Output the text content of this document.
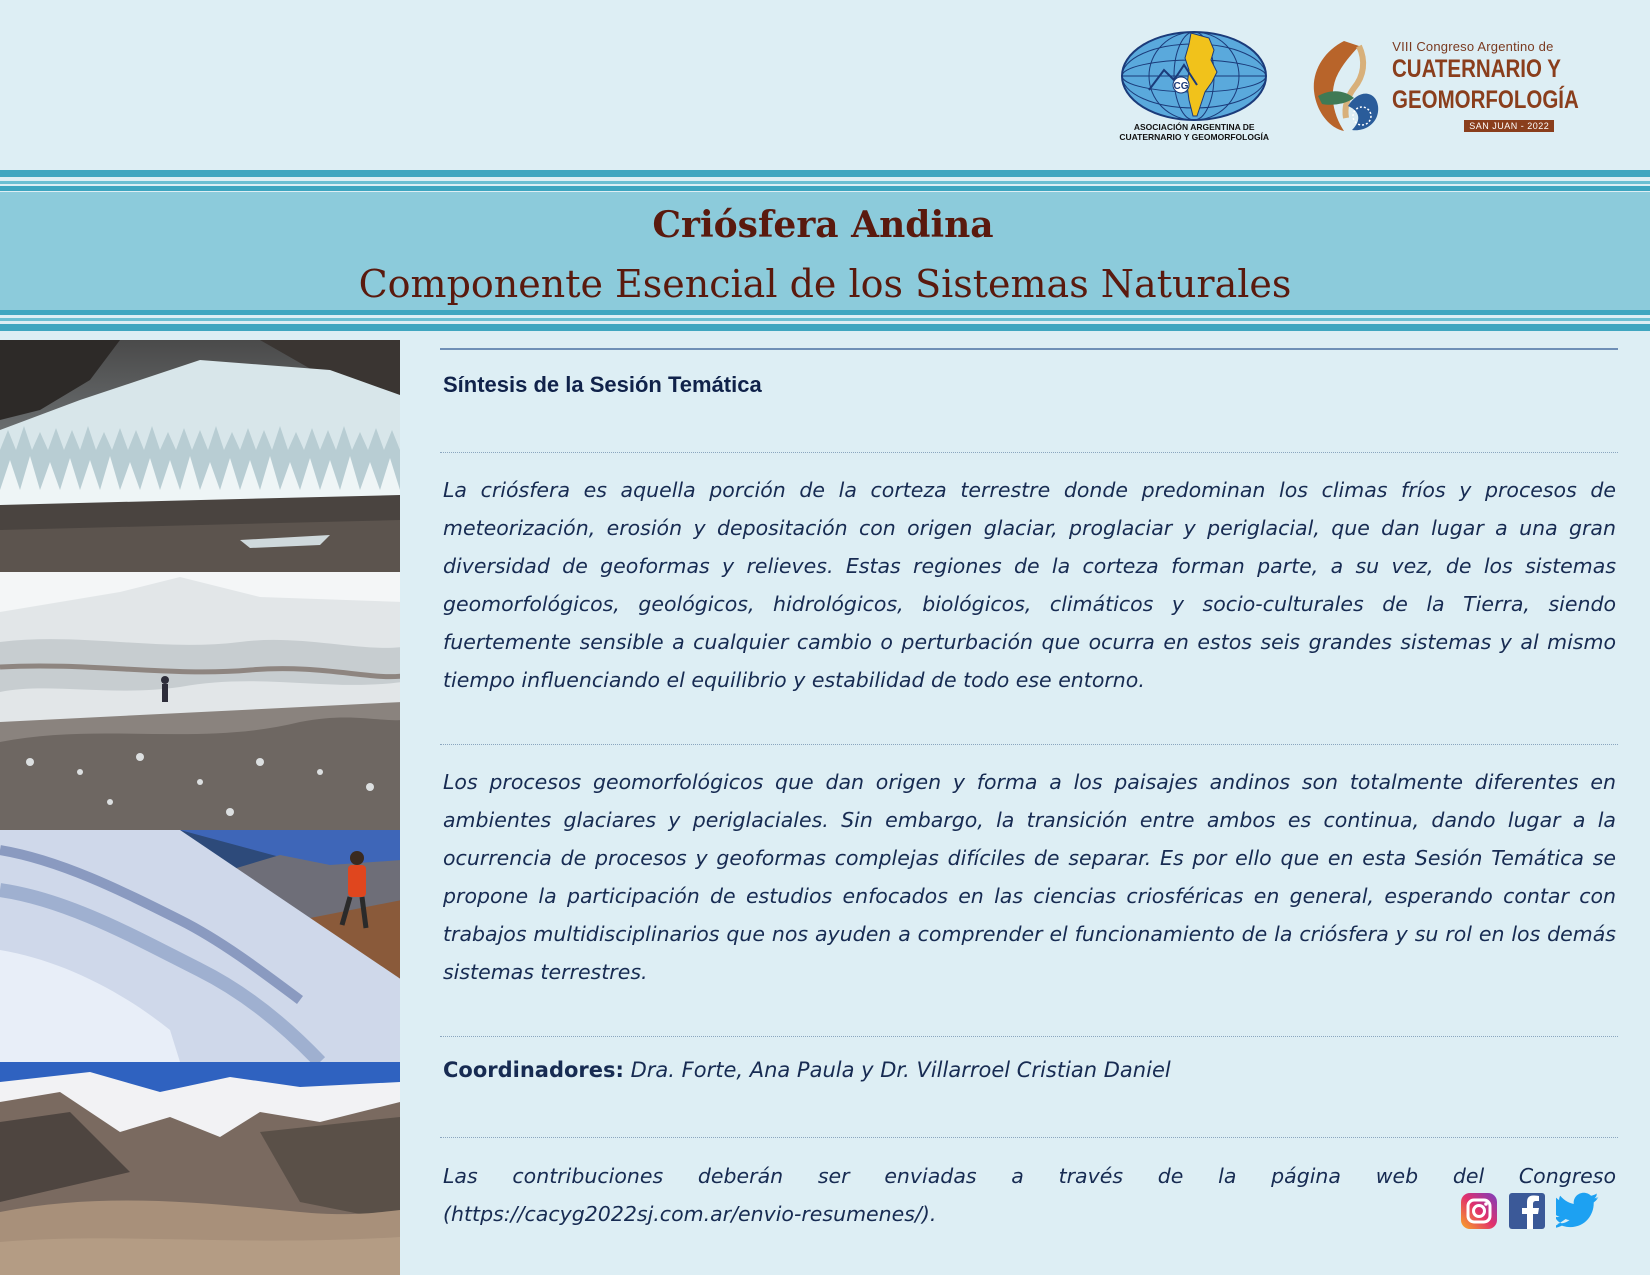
CG
ASOCIACIÓN ARGENTINA DE
CUATERNARIO Y GEOMORFOLOGÍA
VIII Congreso Argentino de
CUATERNARIO Y
GEOMORFOLOGÍA
SAN JUAN - 2022
Criósfera Andina
Componente Esencial de los Sistemas Naturales
Síntesis de la Sesión Temática
La criósfera es aquella porción de la corteza terrestre donde predominan los climas fríos y procesos de meteorización, erosión y depositación con origen glaciar, proglaciar y periglacial, que dan lugar a una gran diversidad de geoformas y relieves. Estas regiones de la corteza forman parte, a su vez, de los sistemas geomorfológicos, geológicos, hidrológicos, biológicos, climáticos y socio-culturales de la Tierra, siendo fuertemente sensible a cualquier cambio o perturbación que ocurra en estos seis grandes sistemas y al mismo tiempo influenciando el equilibrio y estabilidad de todo ese entorno.
Los procesos geomorfológicos que dan origen y forma a los paisajes andinos son totalmente diferentes en ambientes glaciares y periglaciales. Sin embargo, la transición entre ambos es continua, dando lugar a la ocurrencia de procesos y geoformas complejas difíciles de separar. Es por ello que en esta Sesión Temática se propone la participación de estudios enfocados en las ciencias criosféricas en general, esperando contar con trabajos multidisciplinarios que nos ayuden a comprender el funcionamiento de la criósfera y su rol en los demás sistemas terrestres.
Coordinadores: Dra. Forte, Ana Paula y Dr. Villarroel Cristian Daniel
Las contribuciones deberán ser enviadas a través de la página web del Congreso (https://cacyg2022sj.com.ar/envio-resumenes/).
